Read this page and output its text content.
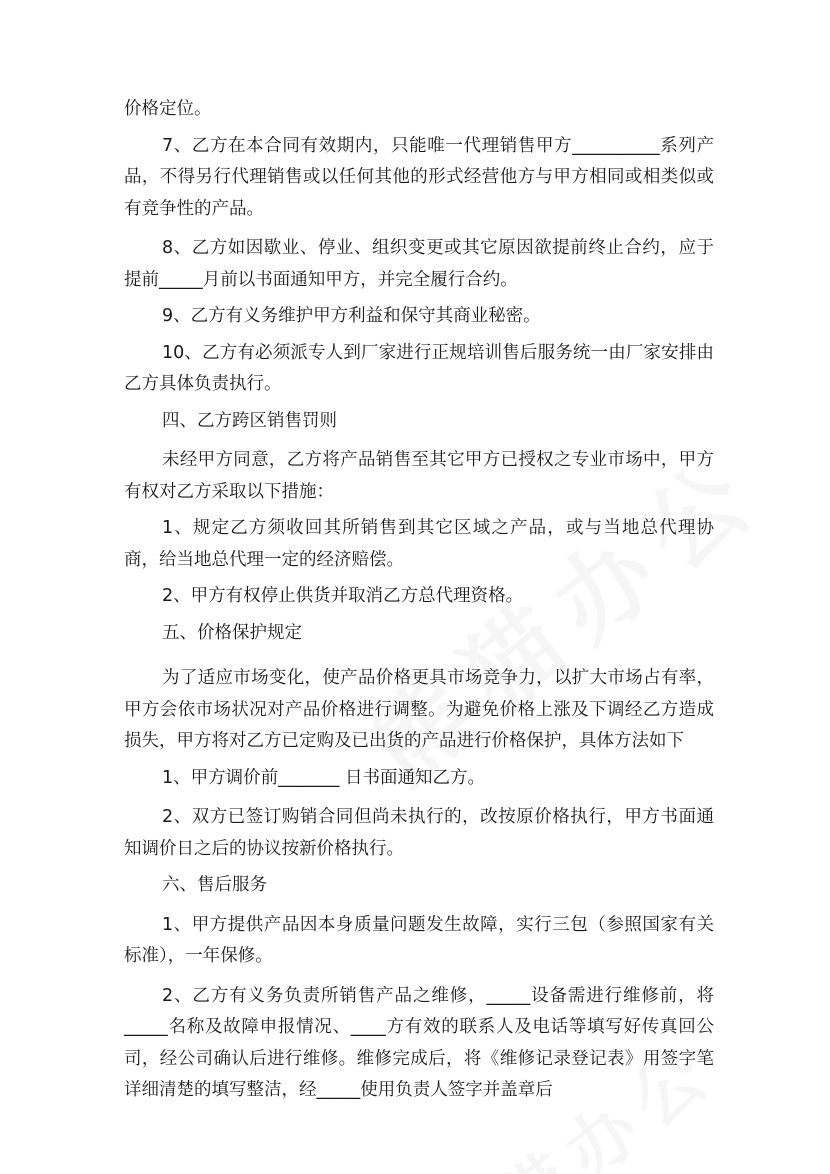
价格定位。

7、乙方在本合同有效期内，只能唯一代理销售甲方__________系列产品，不得另行代理销售或以任何其他的形式经营他方与甲方相同或相类似或有竞争性的产品。

8、乙方如因歇业、停业、组织变更或其它原因欲提前终止合约，应于提前_____月前以书面通知甲方，并完全履行合约。

9、乙方有义务维护甲方利益和保守其商业秘密。

10、乙方有必须派专人到厂家进行正规培训售后服务统一由厂家安排由乙方具体负责执行。

四、乙方跨区销售罚则

未经甲方同意，乙方将产品销售至其它甲方已授权之专业市场中，甲方有权对乙方采取以下措施：

1、规定乙方须收回其所销售到其它区域之产品，或与当地总代理协商，给当地总代理一定的经济赔偿。

2、甲方有权停止供货并取消乙方总代理资格。

五、价格保护规定

为了适应市场变化，使产品价格更具市场竞争力，以扩大市场占有率，甲方会依市场状况对产品价格进行调整。为避免价格上涨及下调经乙方造成损失，甲方将对乙方已定购及已出货的产品进行价格保护，具体方法如下

1、甲方调价前_______ 日书面通知乙方。

2、双方已签订购销合同但尚未执行的，改按原价格执行，甲方书面通知调价日之后的协议按新价格执行。

六、售后服务

1、甲方提供产品因本身质量问题发生故障，实行三包（参照国家有关标准），一年保修。

2、乙方有义务负责所销售产品之维修，_____设备需进行维修前，将_____名称及故障申报情况、____方有效的联系人及电话等填写好传真回公司，经公司确认后进行维修。维修完成后，将《维修记录登记表》用签字笔详细清楚的填写整洁，经_____使用负责人签字并盖章后
